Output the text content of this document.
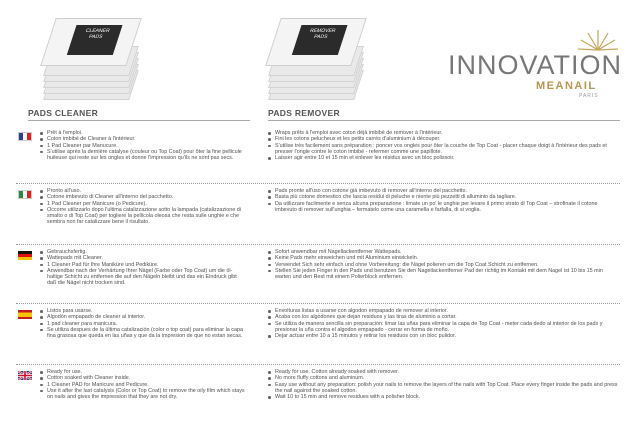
CLEANER
PADS
REMOVER
PADS
INNOVATION
MEANAIL
PARIS
PADS CLEANER	PADS REMOVER
Prêt à l'emploi.
Coton imbibé de Cleaner à l'intérieur.
1 Pad Cleaner par Manucure.
S'utilise après la dernière catalyse (couleur ou Top Coat) pour ôter la fine pellicule huileuse qui reste sur les ongles et donne l'impression qu'ils ne sont pas secs.
Wraps prêts à l'emploi avec coton déjà imbibé de remover à l'intérieur.
Fini les cotons pelucheux et les petits carrés d'aluminium à découper.
S'utilise très facilement sans préparation : poncer vos ongles pour ôter la couche de Top Coat - placer chaque doigt à l'intérieur des pads et presser l'ongle contre le coton imbibé - refermer comme une papillote.
Laisser agir entre 10 et 15 min et enlever les résidus avec un bloc polissoir.
Pronto all'uso.
Cotone imbevuto di Cleaner all'interno del pacchetto.
1 Pad Cleaner per Manicure (o Pedicure).
Occorre utilizzarlo dopo l'ultima catalizzazione sotto la lampada (catalizzazione di smalto o di Top Coat) per togliere la pellicola oleosa che resta sulle unghie e che sembra non far catalizzare bene il risultato.
Pads pronte all'uso con cotone già imbevuto di remover all'interno del pacchetto.
Basta più cotone domestico che lascia residui di peluche e niente più pezzetti di alluminio da tagliare.
Da utilizzare facilmente e senza alcuna preparazione : limate un po' le unghie per levare il primo strato di Top Coat – strofinate il cotone imbevuto di remover sull'unghia – fermatelo come una caramella e farfalla, di si voglia.
Gebrauchsfertig.
Wattepads mit Cleaner.
1 Cleaner Pad für Ihre Maniküre und Pediküre.
Anwendbar nach der Verhärtung Ihrer Nägel (Farbe oder Top Coat) um die öl-haltige Schicht zu entfernen die auf den Nägeln bleibt und das ein Eindruck gibt daß die Nägel nicht trocken sind.
Sofort anwendbar mit Nagellackentferner Wattepads.
Keine Pads mehr einweichen und mit Aluminium einwickeln.
Verwendet Sich sehr einfach und ohne Vorbereitung: die Nägel polieren um die Top Coat Schicht zu entfernen.
Stellen Sie jeden Finger in den Pads und benutzen Sie den Nagellackentferner Pad der richtig im Kontakt mit dem Nagel ist 10 bis 15 min warten und den Rest mit einem Polierblock entfernen.
Listos para usarse.
Algodón empapado de cleaner al interior.
1 pad cleaner para manicura.
Se utiliza despues de la última catalización (color o top coat) para eliminar la capa fina grasosa que queda en las uñas y que da la impresion de que no estan secas.
Envolturas listas a usarse con algodon empapado de remover al interior.
Acaba con los algodones que dejan residuos y las tiras de aluminio a cortar.
Se utiliza de manera sencilla sin preparación: limar las uñas para eliminar la capa de Top Coat - meter cada dedo al interior de los pads y presionar la uña contra el algodon empapado - cerrar en forma de moño.
Dejar actuar entre 10 a 15 minutos y retirar los residuos con un bloc pulidor.
Ready for use.
Cotton soaked with Cleaner inside.
1 Cleaner PAD for Manicure and Pedicure.
Use it after the last catalysis (Color or Top Coat) to remove the oily film which stays on nails and gives the impression that they are not dry.
Ready for use. Cotton already soaked with remover.
No more fluffy cottons and aluminum.
Easy use without any preparation: polish your nails to remove the layers of the nails with Top Coat. Place every finger inside the pads and press the nail against the soaked cotton.
Wait 10 to 15 min and remove residues with a polisher block.
